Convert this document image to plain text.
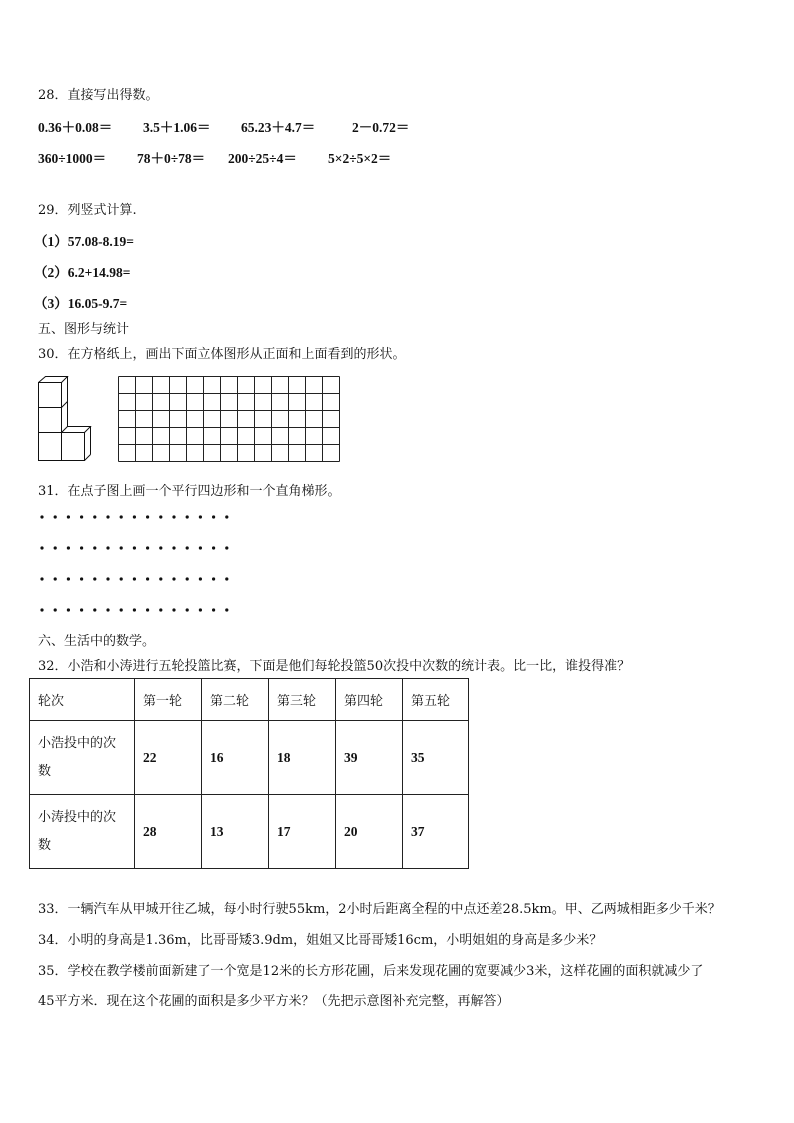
28．直接写出得数。
0.36＋0.08＝ 3.5＋1.06＝ 65.23＋4.7＝	2－0.72＝
360÷1000＝ 78＋0÷78＝ 200÷25÷4＝ 5×2÷5×2＝
29．列竖式计算.
（1）57.08-8.19=
（2）6.2+14.98=
（3）16.05-9.7=
五、图形与统计
30．在方格纸上，画出下面立体图形从正面和上面看到的形状。
31．在点子图上画一个平行四边形和一个直角梯形。
六、生活中的数学。
32．小浩和小涛进行五轮投篮比赛，下面是他们每轮投篮50次投中次数的统计表。比一比，谁投得准？
轮次	第一轮	第二轮	第三轮	第四轮	第五轮
小浩投中的次
数	22	16	18	39	35
小涛投中的次
数	28	13	17	20	37
33．一辆汽车从甲城开往乙城，每小时行驶55km，2小时后距离全程的中点还差28.5km。甲、乙两城相距多少千米？
34．小明的身高是1.36m，比哥哥矮3.9dm，姐姐又比哥哥矮16cm，小明姐姐的身高是多少米？
35．学校在教学楼前面新建了一个宽是12米的长方形花圃，后来发现花圃的宽要减少3米，这样花圃的面积就减少了
45平方米．现在这个花圃的面积是多少平方米？（先把示意图补充完整，再解答）
